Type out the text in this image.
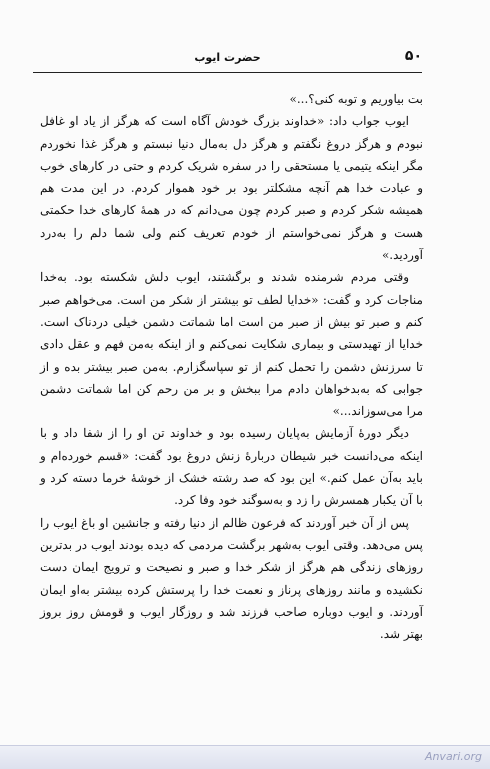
۵۰
حضرت ایوب

بت بیاوریم و توبه کنی؟...»

ایوب جواب داد: «خداوند بزرگ خودش آگاه است که هرگز از یاد او غافل نبودم و هرگز دروغ نگفتم و هرگز دل به‌مال دنیا نبستم و هرگز غذا نخوردم مگر اینکه یتیمی یا مستحقی را در سفره شریک کردم و حتی در کارهای خوب و عبادت خدا هم آنچه مشکلتر بود بر خود هموار کردم. در این مدت هم همیشه شکر کردم و صبر کردم چون می‌دانم که در همهٔ کارهای خدا حکمتی هست و هرگز نمی‌خواستم از خودم تعریف کنم ولی شما دلم را به‌درد آوردید.»

وقتی مردم شرمنده شدند و برگشتند، ایوب دلش شکسته بود. به‌خدا مناجات کرد و گفت: «خدایا لطف تو بیشتر از شکر من است. می‌خواهم صبر کنم و صبر تو بیش از صبر من است اما شماتت دشمن خیلی دردناک است. خدایا از تهیدستی و بیماری شکایت نمی‌کنم و از اینکه به‌من فهم و عقل دادی تا سرزنش دشمن را تحمل کنم از تو سپاسگزارم. به‌من صبر بیشتر بده و از جوابی که به‌بدخواهان دادم مرا ببخش و بر من رحم کن اما شماتت دشمن مرا می‌سوزاند...»

دیگر دورهٔ آزمایش به‌پایان رسیده بود و خداوند تن او را از شفا داد و با اینکه می‌دانست خبر شیطان دربارهٔ زنش دروغ بود گفت: «قسم خورده‌ام و باید به‌آن عمل کنم.» این بود که صد رشته خشک از خوشهٔ خرما دسته کرد و با آن یکبار همسرش را زد و به‌سوگند خود وفا کرد.

پس از آن خبر آوردند که فرعون ظالم از دنیا رفته و جانشین او باغ ایوب را پس می‌دهد. وقتی ایوب به‌شهر برگشت مردمی که دیده بودند ایوب در بدترین روزهای زندگی هم هرگز از شکر خدا و صبر و نصیحت و ترویج ایمان دست نکشیده و مانند روزهای پرناز و نعمت خدا را پرستش کرده بیشتر به‌او ایمان آوردند. و ایوب دوباره صاحب فرزند شد و روزگار ایوب و قومش روز بروز بهتر شد.

Anvari.org
